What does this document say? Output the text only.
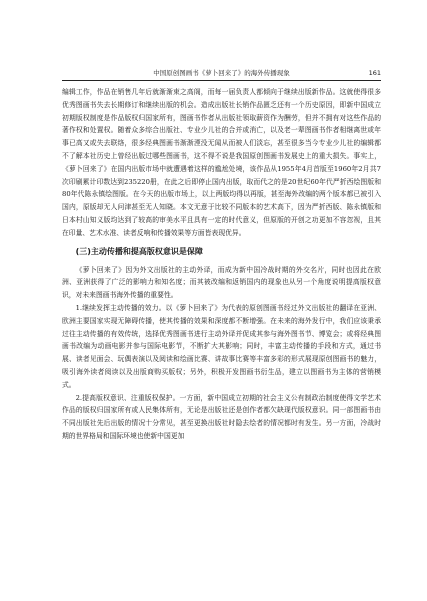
中国原创图画书《萝卜回来了》的海外传播现象	161

编辑工作，作品在销售几年后就渐渐束之高阁，而每一届负责人都倾向于继续出版新作品。这就使得很多优秀图画书失去长期修订和继续出版的机会。造成出版社长销作品匮乏还有一个历史原因，即新中国成立初期版权制度是作品版权归国家所有，图画书作者从出版社领取薪资作为酬劳，但并不拥有对这些作品的著作权和处置权。随着众多综合出版社、专业少儿社的合并或消亡，以及老一辈图画书作者相继离世或年事已高又或失去联络，很多经典图画书渐渐湮没无闻从而被人们淡忘，甚至很多当今专业少儿社的编辑都不了解本社历史上曾经出版过哪些图画书，这不得不说是我国原创图画书发展史上的重大损失。事实上，《萝卜回来了》在国内出版市场中就遭遇着这样的尴尬处境，该作品从1955年4月首版至1960年2月共7次印刷累计印数达到235220册，在此之后即停止国内出版，取而代之的是20世纪60年代严折西绘图版和80年代陈永镇绘图版。在今天的出版市场上，以上两版均得以再版，甚至海外改编的两个版本都已被引入国内，原版却无人问津甚至无人知晓。本文无意于比较不同版本的艺术高下，因为严折西版、陈永镇版和日本村山知义版均达到了较高的审美水平且具有一定的时代意义，但原版的开创之功更加不容忽视，且其在印量、艺术水准、读者反响和传播效果等方面皆表现优异。

(三)主动传播和提高版权意识是保障

《萝卜回来了》因为外文出版社的主动外译，而成为新中国冷战时期的外交名片，同时也因此在欧洲、亚洲获得了广泛的影响力和知名度；而其被改编和返销国内的现象也从另一个角度说明提高版权意识，对未来图画书海外传播的重要性。

1.继续发挥主动传播的效力。以《萝卜回来了》为代表的原创图画书经过外文出版社的翻译在亚洲、欧洲主要国家实现无障碍传播，使其传播的效果和深度都不断增强。在未来的海外发行中，我们应该秉承过往主动传播的有效传统，选择优秀图画书进行主动外译并促成其参与海外图书节、博览会；或将经典图画书改编为动画电影并参与国际电影节，不断扩大其影响；同时，丰富主动传播的手段和方式，通过书展、读者见面会、玩偶表演以及阅读和绘画比赛、讲故事比赛等丰富多彩的形式展现原创图画书的魅力，吸引海外读者阅读以及出版商购买版权；另外，积极开发图画书衍生品，建立以图画书为主体的营销模式。

2.提高版权意识、注重版权保护。一方面，新中国成立初期的社会主义公有制政治制度使得文学艺术作品的版权归国家所有或人民集体所有，无论是出版社还是创作者都欠缺现代版权意识。同一部图画书由不同出版社先后出版的情况十分常见，甚至更换出版社时隐去绘者的情况都时有发生。另一方面，冷战时期的世界格局和国际环境也使新中国更加
